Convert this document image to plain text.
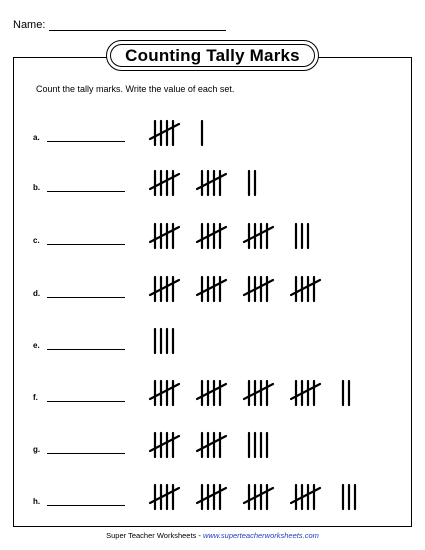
Name:
Counting Tally Marks
Count the tally marks. Write the value of each set.
a.
b.
c.
d.
e.
f.
g.
h.
Super Teacher Worksheets - www.superteacherworksheets.com
